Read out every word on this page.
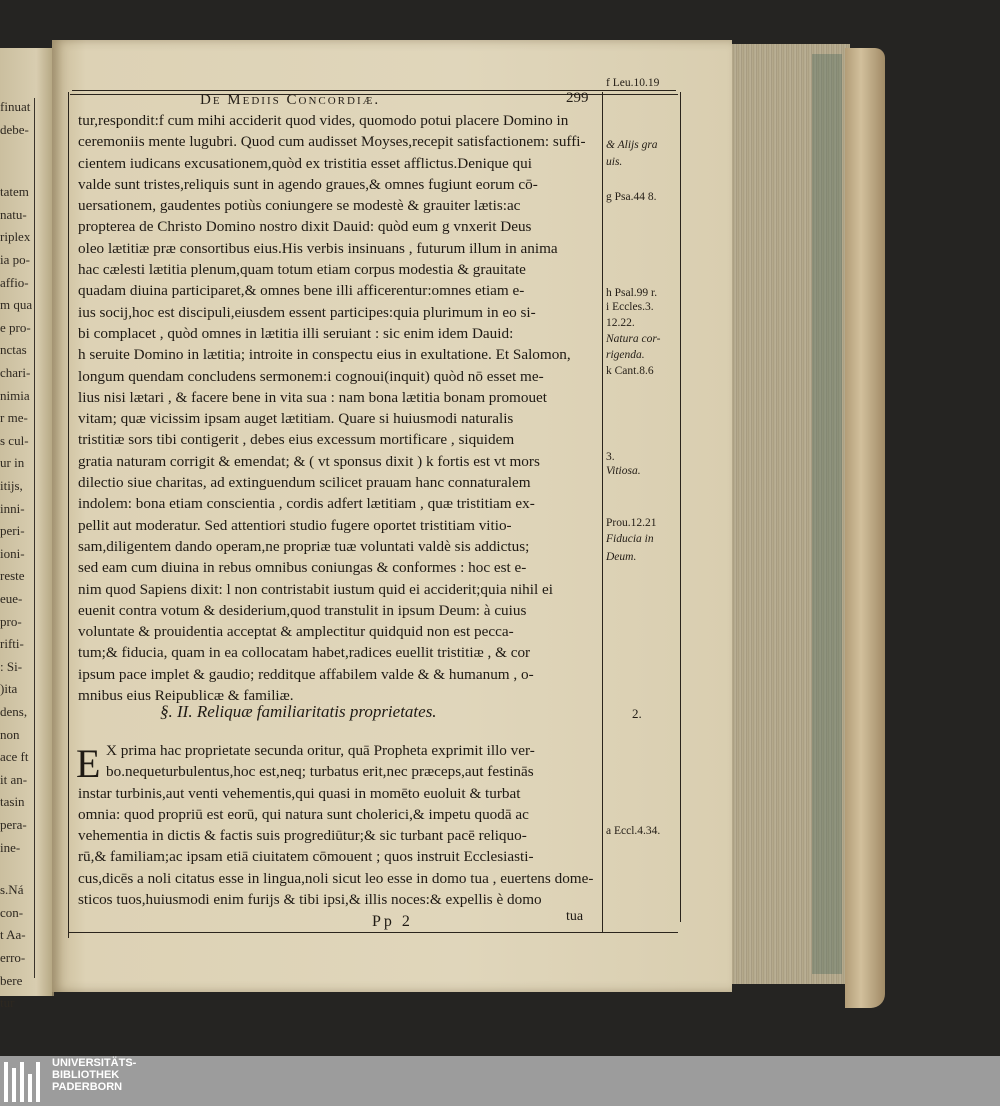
finuat
debe-
tatem
natu-
riplex
ia po-
affio-
m qua
e pro-
nctas
chari-
nimia
r me-
s cul-
ur in
itijs,
inni-
peri-
ioni-
reste
eue-
pro-
rifti-
: Si-
)ita
dens,
non
ace ft
it an-
tasin
pera-
ine-
s.Ná
con-
t Aa-
erro-
bere
tur
De Mediis Concordiæ.	299
tur,respondit:f cum mihi acciderit quod vides, quomodo potui placere Domino in
ceremoniis mente lugubri. Quod cum audisset Moyses,recepit satisfactionem: suffi-
cientem iudicans excusationem,quòd ex tristitia esset afflictus.Denique qui
valde sunt tristes,reliquis sunt in agendo graues,& omnes fugiunt eorum cō-
uersationem, gaudentes potiùs coniungere se modestè & grauiter lætis:ac
propterea de Christo Domino nostro dixit Dauid: quòd eum g vnxerit Deus
oleo lætitiæ præ consortibus eius.His verbis insinuans , futurum illum in anima
hac cælesti lætitia plenum,quam totum etiam corpus modestia & grauitate
quadam diuina participaret,& omnes bene illi afficerentur:omnes etiam e-
ius socij,hoc est discipuli,eiusdem essent participes:quia plurimum in eo si-
bi complacet , quòd omnes in lætitia illi seruiant : sic enim idem Dauid:
h seruite Domino in lætitia; introite in conspectu eius in exultatione. Et Salomon,
longum quendam concludens sermonem:i cognoui(inquit) quòd nō esset me-
lius nisi lætari , & facere bene in vita sua : nam bona lætitia bonam promouet
vitam; quæ vicissim ipsam auget lætitiam. Quare si huiusmodi naturalis
tristitiæ sors tibi contigerit , debes eius excessum mortificare , siquidem
gratia naturam corrigit & emendat; & ( vt sponsus dixit ) k fortis est vt mors
dilectio siue charitas, ad extinguendum scilicet prauam hanc connaturalem
indolem: bona etiam conscientia , cordis adfert lætitiam , quæ tristitiam ex-
pellit aut moderatur. Sed attentiori studio fugere oportet tristitiam vitio-
sam,diligentem dando operam,ne propriæ tuæ voluntati valdè sis addictus;
sed eam cum diuina in rebus omnibus coniungas & conformes : hoc est e-
nim quod Sapiens dixit: l non contristabit iustum quid ei acciderit;quia nihil ei
euenit contra votum & desiderium,quod transtulit in ipsum Deum: à cuius
voluntate & prouidentia acceptat & amplectitur quidquid non est pecca-
tum;& fiducia, quam in ea collocatam habet,radices euellit tristitiæ , & cor
ipsum pace implet & gaudio; redditque affabilem valde & & humanum , o-
mnibus eius Reipublicæ & familiæ.
§. II. Reliquæ familiaritatis proprietates.	2.
E X prima hac proprietate secunda oritur, quā Propheta exprimit illo ver-
bo.nequeturbulentus,hoc est,neq; turbatus erit,nec præceps,aut festinās
instar turbinis,aut venti vehementis,qui quasi in momēto euoluit & turbat
omnia: quod propriū est eorū, qui natura sunt cholerici,& impetu quodā ac
vehementia in dictis & factis suis progrediūtur;& sic turbant pacē reliquo-
rū,& familiam;ac ipsam etiā ciuitatem cōmouent ; quos instruit Ecclesiasti-
cus,dicēs a noli citatus esse in lingua,noli sicut leo esse in domo tua , euertens dome-
sticos tuos,huiusmodi enim furijs & tibi ipsi,& illis noces:& expellis è domo
f Leu.10.19
& Alijs gra
uis.
g Psa.44 8.
h Psal.99 r.
i Eccles.3.
12.22.
Natura cor-
rigenda.
k Cant.8.6
3.
Vitiosa.
Prou.12.21
Fiducia in
Deum.
a Eccl.4.34.
Pp 2	tua
UNIVERSITÄTS-
BIBLIOTHEK
PADERBORN
